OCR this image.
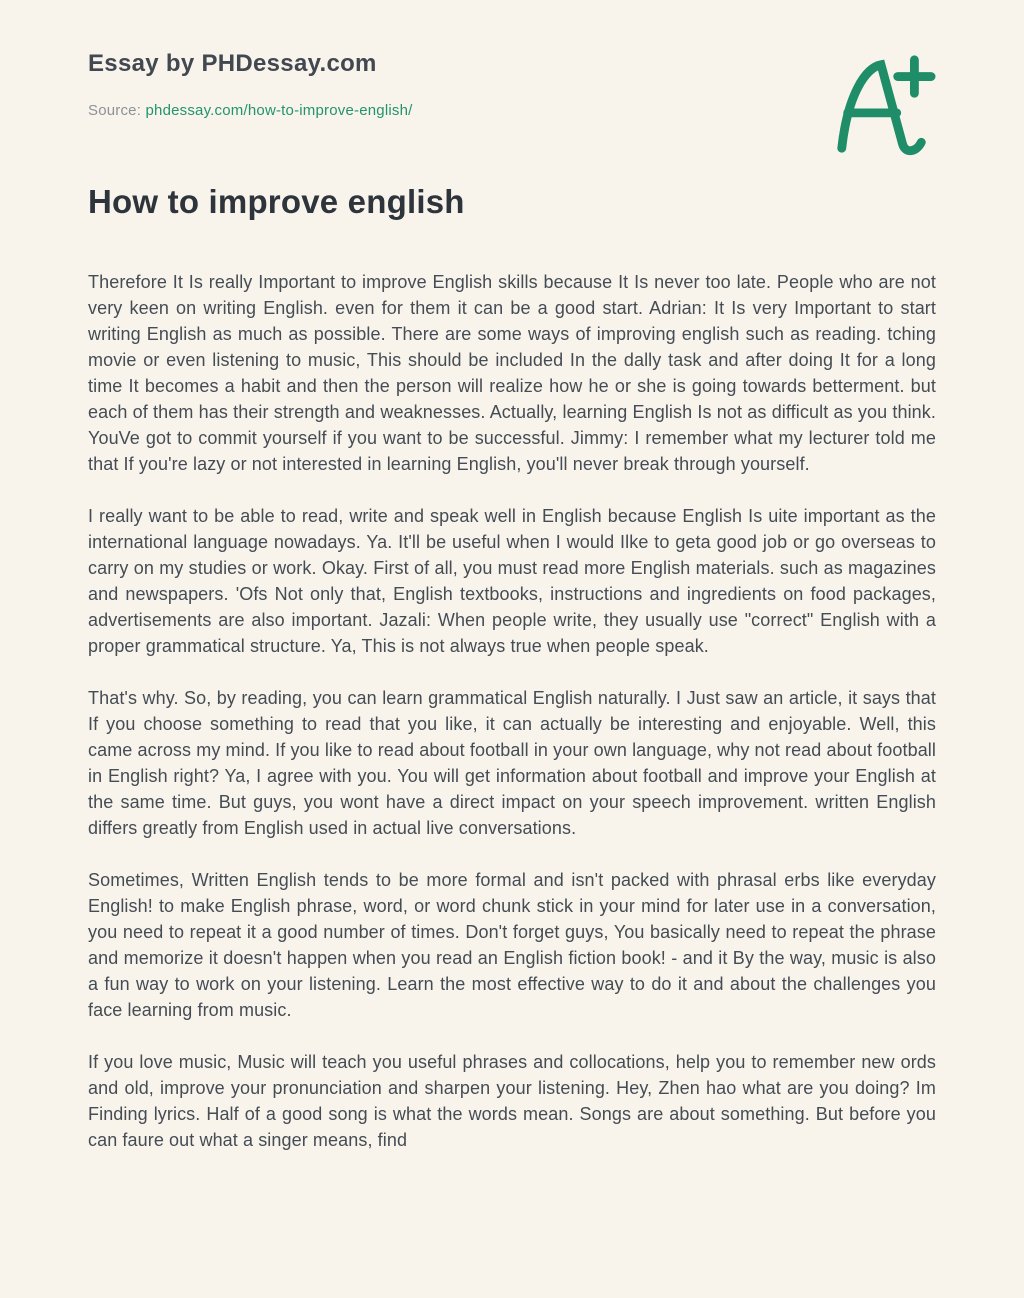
Essay by PHDessay.com
Source: phdessay.com/how-to-improve-english/
How to improve english

Therefore It Is really Important to improve English skills because It Is never too late. People who are not very keen on writing English. even for them it can be a good start. Adrian: It Is very Important to start writing English as much as possible. There are some ways of improving english such as reading. tching movie or even listening to music, This should be included In the dally task and after doing It for a long time It becomes a habit and then the person will realize how he or she is going towards betterment. but each of them has their strength and weaknesses. Actually, learning English Is not as difficult as you think. YouVe got to commit yourself if you want to be successful. Jimmy: I remember what my lecturer told me that If you're lazy or not interested in learning English, you'll never break through yourself.

I really want to be able to read, write and speak well in English because English Is uite important as the international language nowadays. Ya. It'll be useful when I would Ilke to geta good job or go overseas to carry on my studies or work. Okay. First of all, you must read more English materials. such as magazines and newspapers. 'Ofs Not only that, English textbooks, instructions and ingredients on food packages, advertisements are also important. Jazali: When people write, they usually use "correct" English with a proper grammatical structure. Ya, This is not always true when people speak.

That's why. So, by reading, you can learn grammatical English naturally. I Just saw an article, it says that If you choose something to read that you like, it can actually be interesting and enjoyable. Well, this came across my mind. If you like to read about football in your own language, why not read about football in English right? Ya, I agree with you. You will get information about football and improve your English at the same time. But guys, you wont have a direct impact on your speech improvement. written English differs greatly from English used in actual live conversations.

Sometimes, Written English tends to be more formal and isn't packed with phrasal erbs like everyday English! to make English phrase, word, or word chunk stick in your mind for later use in a conversation, you need to repeat it a good number of times. Don't forget guys, You basically need to repeat the phrase and memorize it doesn't happen when you read an English fiction book! - and it By the way, music is also a fun way to work on your listening. Learn the most effective way to do it and about the challenges you face learning from music.

If you love music, Music will teach you useful phrases and collocations, help you to remember new ords and old, improve your pronunciation and sharpen your listening. Hey, Zhen hao what are you doing? Im Finding lyrics. Half of a good song is what the words mean. Songs are about something. But before you can faure out what a singer means, find
